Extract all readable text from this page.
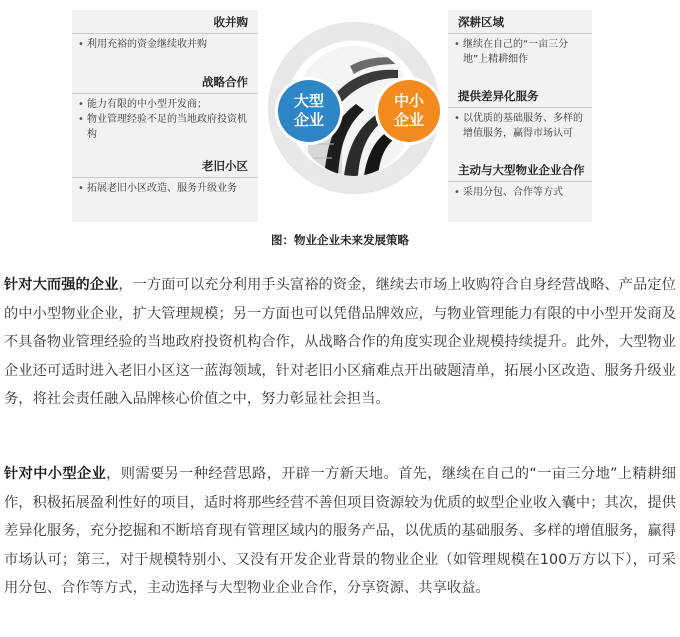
收并购
• 利用充裕的资金继续收并购
战略合作
• 能力有限的中小型开发商；
• 物业管理经验不足的当地政府投资机构
老旧小区
• 拓展老旧小区改造、服务升级业务
大型
企业
中小
企业
深耕区域
• 继续在自己的“一亩三分地”上精耕细作
提供差异化服务
• 以优质的基础服务、多样的增值服务，赢得市场认可
主动与大型物业企业合作
• 采用分包、合作等方式
图：物业企业未来发展策略

针对大而强的企业，一方面可以充分利用手头富裕的资金，继续去市场上收购符合自身经营战略、产品定位的中小型物业企业，扩大管理规模；另一方面也可以凭借品牌效应，与物业管理能力有限的中小型开发商及不具备物业管理经验的当地政府投资机构合作，从战略合作的角度实现企业规模持续提升。此外，大型物业企业还可适时进入老旧小区这一蓝海领域，针对老旧小区痛难点开出破题清单，拓展小区改造、服务升级业务，将社会责任融入品牌核心价值之中，努力彰显社会担当。

针对中小型企业，则需要另一种经营思路，开辟一方新天地。首先，继续在自己的“一亩三分地”上精耕细作，积极拓展盈利性好的项目，适时将那些经营不善但项目资源较为优质的蚁型企业收入囊中；其次，提供差异化服务，充分挖掘和不断培育现有管理区域内的服务产品，以优质的基础服务、多样的增值服务，赢得市场认可；第三，对于规模特别小、又没有开发企业背景的物业企业（如管理规模在100万方以下），可采用分包、合作等方式，主动选择与大型物业企业合作，分享资源、共享收益。
